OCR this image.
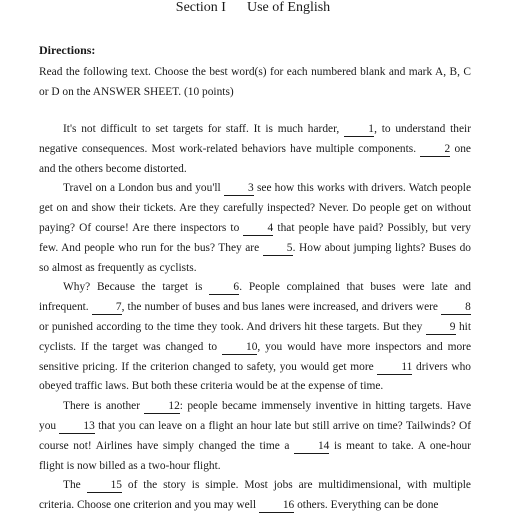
Section I Use of English
Directions:
Read the following text. Choose the best word(s) for each numbered blank and mark A, B, C or D on the ANSWER SHEET. (10 points)

It's not difficult to set targets for staff. It is much harder, 1, to understand their negative consequences. Most work-related behaviors have multiple components. 2 one and the others become distorted.

Travel on a London bus and you'll 3 see how this works with drivers. Watch people get on and show their tickets. Are they carefully inspected? Never. Do people get on without paying? Of course! Are there inspectors to 4 that people have paid? Possibly, but very few. And people who run for the bus? They are 5. How about jumping lights? Buses do so almost as frequently as cyclists.

Why? Because the target is 6. People complained that buses were late and infrequent. 7, the number of buses and bus lanes were increased, and drivers were 8 or punished according to the time they took. And drivers hit these targets. But they 9 hit cyclists. If the target was changed to 10, you would have more inspectors and more sensitive pricing. If the criterion changed to safety, you would get more 11 drivers who obeyed traffic laws. But both these criteria would be at the expense of time.

There is another 12: people became immensely inventive in hitting targets. Have you 13 that you can leave on a flight an hour late but still arrive on time? Tailwinds? Of course not! Airlines have simply changed the time a 14 is meant to take. A one-hour flight is now billed as a two-hour flight.

The 15 of the story is simple. Most jobs are multidimensional, with multiple criteria. Choose one criterion and you may well 16 others. Everything can be done
